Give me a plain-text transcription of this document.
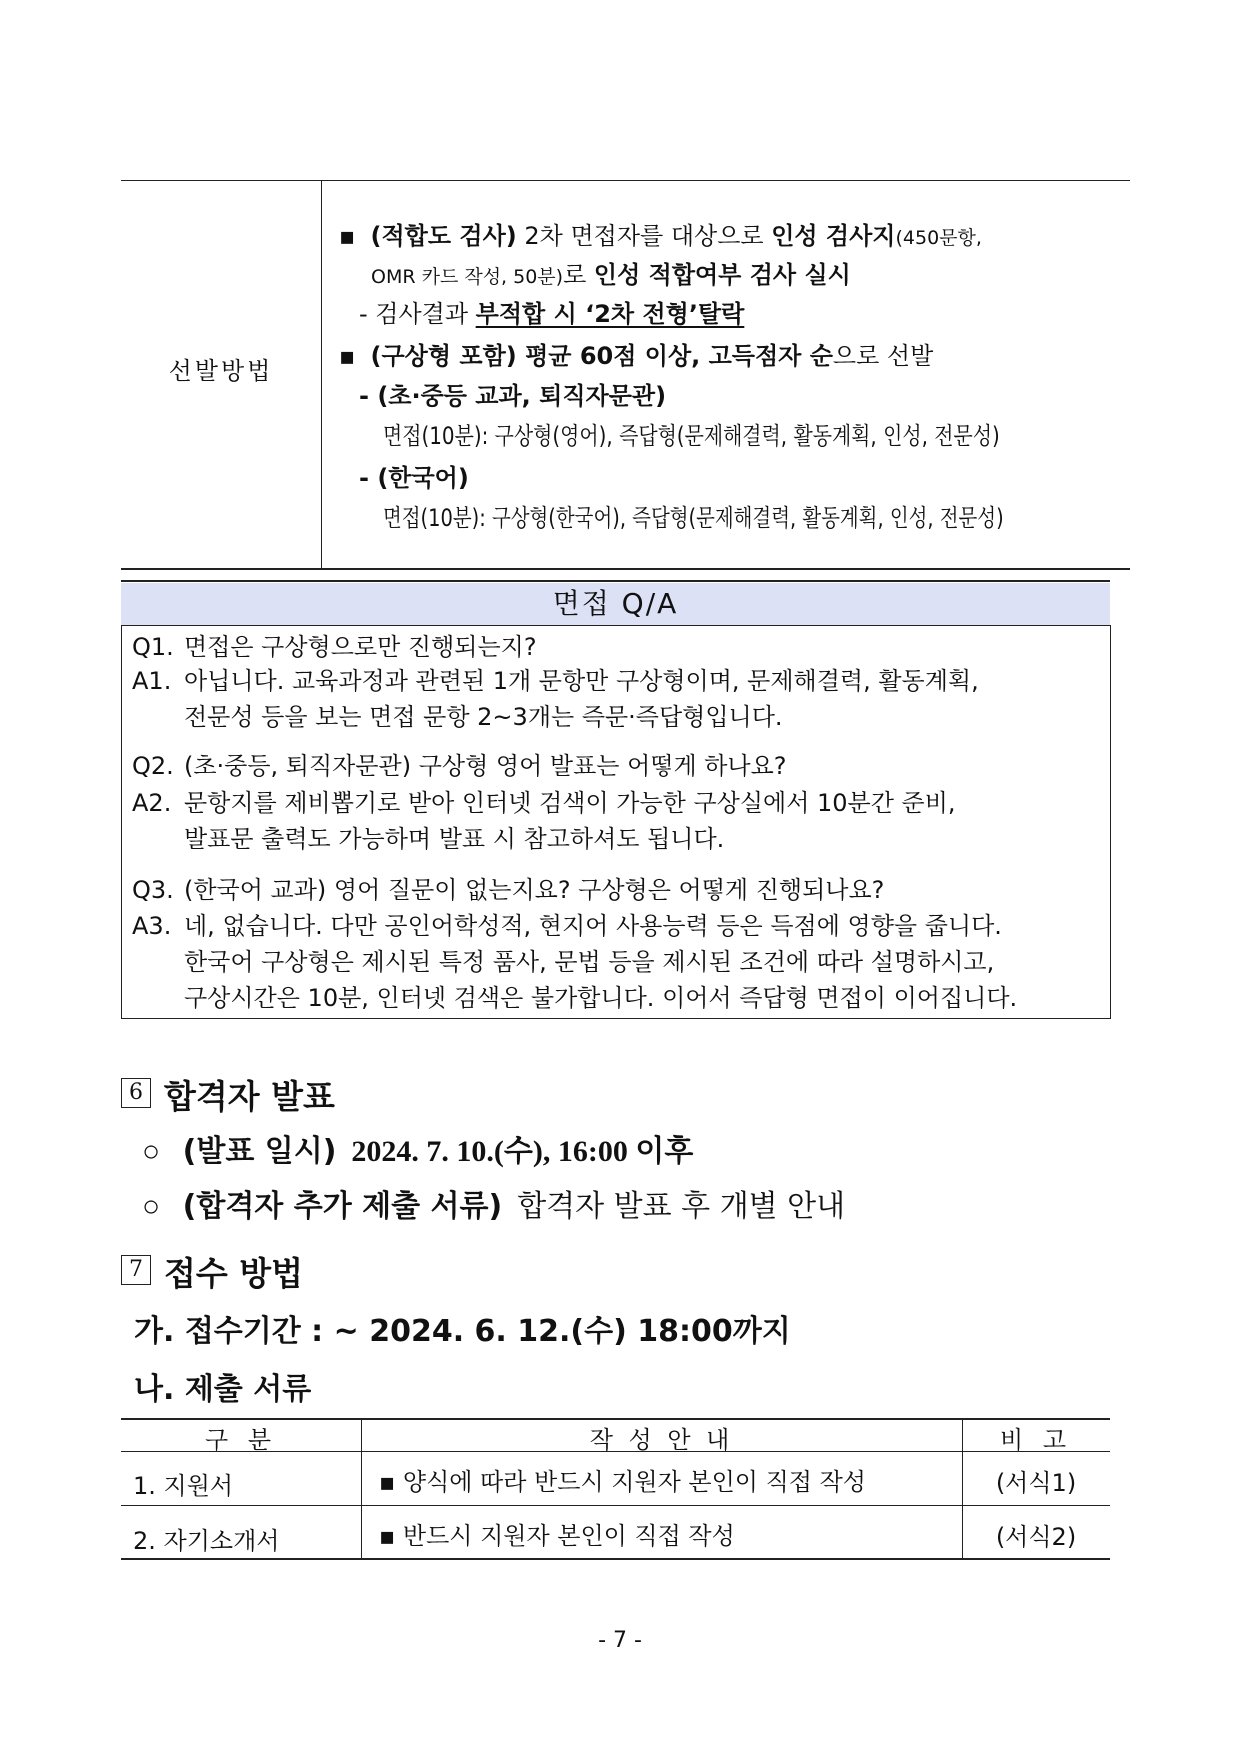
선발방법
▪ (적합도 검사) 2차 면접자를 대상으로 인성 검사지(450문항,
OMR 카드 작성, 50분)로 인성 적합여부 검사 실시
- 검사결과 부적합 시 ‘2차 전형’탈락
▪ (구상형 포함) 평균 60점 이상, 고득점자 순으로 선발
- (초·중등 교과, 퇴직자문관)
면접(10분): 구상형(영어), 즉답형(문제해결력, 활동계획, 인성, 전문성)
- (한국어)
면접(10분): 구상형(한국어), 즉답형(문제해결력, 활동계획, 인성, 전문성)
면접 Q/A
Q1. 면접은 구상형으로만 진행되는지?
A1. 아닙니다. 교육과정과 관련된 1개 문항만 구상형이며, 문제해결력, 활동계획,
전문성 등을 보는 면접 문항 2~3개는 즉문·즉답형입니다.
Q2. (초·중등, 퇴직자문관) 구상형 영어 발표는 어떻게 하나요?
A2. 문항지를 제비뽑기로 받아 인터넷 검색이 가능한 구상실에서 10분간 준비,
발표문 출력도 가능하며 발표 시 참고하셔도 됩니다.
Q3. (한국어 교과) 영어 질문이 없는지요? 구상형은 어떻게 진행되나요?
A3. 네, 없습니다. 다만 공인어학성적, 현지어 사용능력 등은 득점에 영향을 줍니다.
한국어 구상형은 제시된 특정 품사, 문법 등을 제시된 조건에 따라 설명하시고,
구상시간은 10분, 인터넷 검색은 불가합니다. 이어서 즉답형 면접이 이어집니다.
6 합격자 발표
○ (발표 일시) 2024. 7. 10.(수), 16:00 이후
○ (합격자 추가 제출 서류) 합격자 발표 후 개별 안내
7 접수 방법
가. 접수기간 : ~ 2024. 6. 12.(수) 18:00까지
나. 제출 서류
구 분	작 성 안 내	비 고
1. 지원서	▪ 양식에 따라 반드시 지원자 본인이 직접 작성	(서식1)
2. 자기소개서	▪ 반드시 지원자 본인이 직접 작성	(서식2)
- 7 -
